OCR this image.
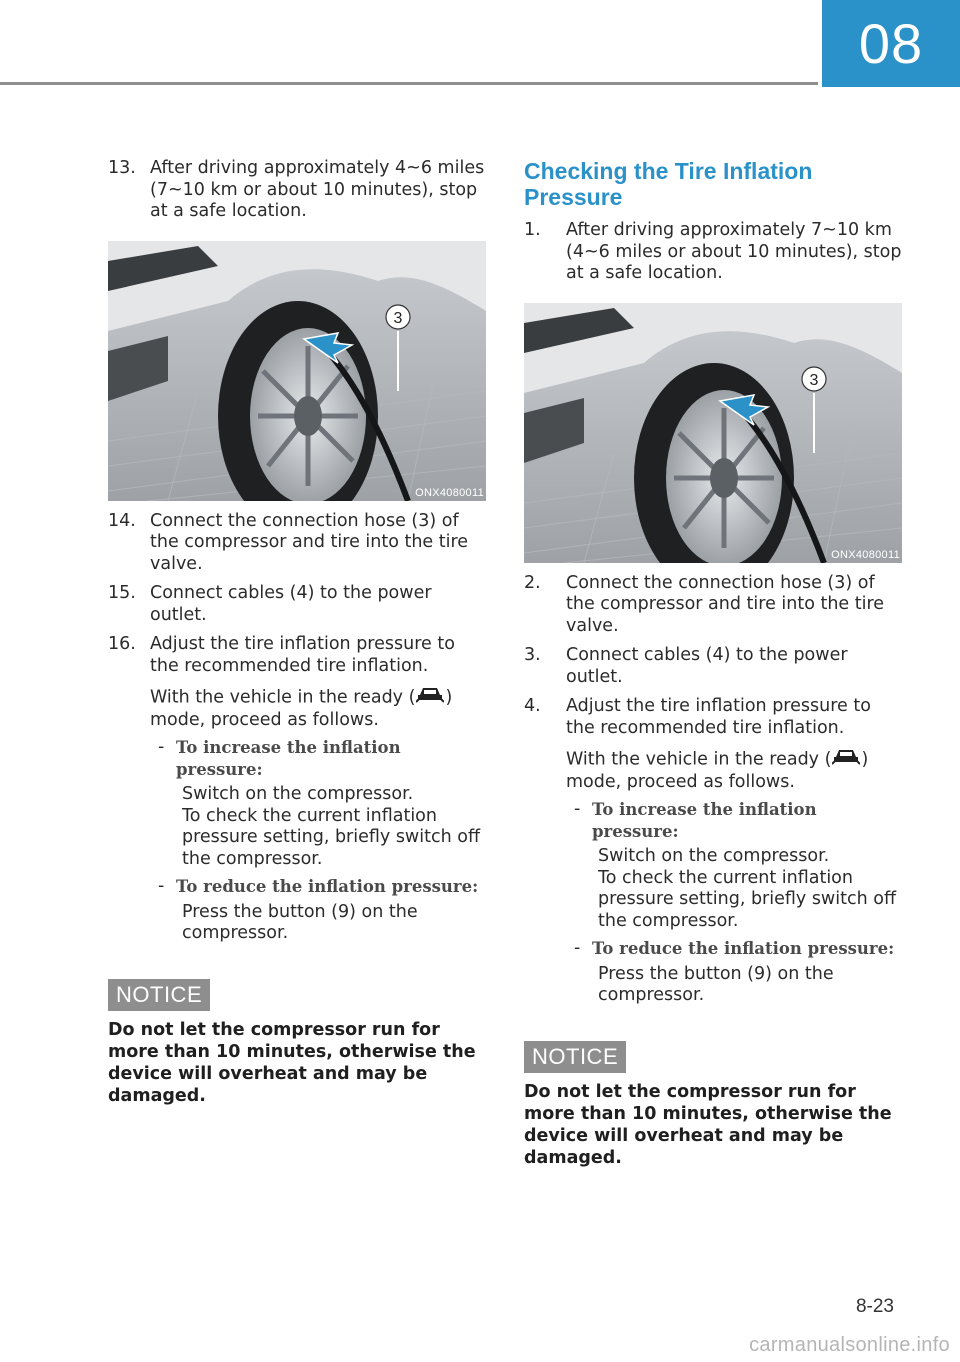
08
13. After driving approximately 4~6 miles (7~10 km or about 10 minutes), stop at a safe location.

3
ONX4080011
14. Connect the connection hose (3) of the compressor and tire into the tire valve.

15. Connect cables (4) to the power outlet.

16. Adjust the tire inflation pressure to the recommended tire inflation.

With the vehicle in the ready ( ) mode, proceed as follows.

- To increase the inflation pressure:
Switch on the compressor.
To check the current inflation pressure setting, briefly switch off the compressor.
- To reduce the inflation pressure:
Press the button (9) on the compressor.
NOTICE

Do not let the compressor run for more than 10 minutes, otherwise the device will overheat and may be damaged.

Checking the Tire Inflation Pressure
1. After driving approximately 7~10 km (4~6 miles or about 10 minutes), stop at a safe location.

3
ONX4080011
2. Connect the connection hose (3) of the compressor and tire into the tire valve.

3. Connect cables (4) to the power outlet.

4. Adjust the tire inflation pressure to the recommended tire inflation.

With the vehicle in the ready ( ) mode, proceed as follows.

- To increase the inflation pressure:
Switch on the compressor.
To check the current inflation pressure setting, briefly switch off the compressor.
- To reduce the inflation pressure:
Press the button (9) on the compressor.
NOTICE

Do not let the compressor run for more than 10 minutes, otherwise the device will overheat and may be damaged.

8-23
carmanualsonline.info
